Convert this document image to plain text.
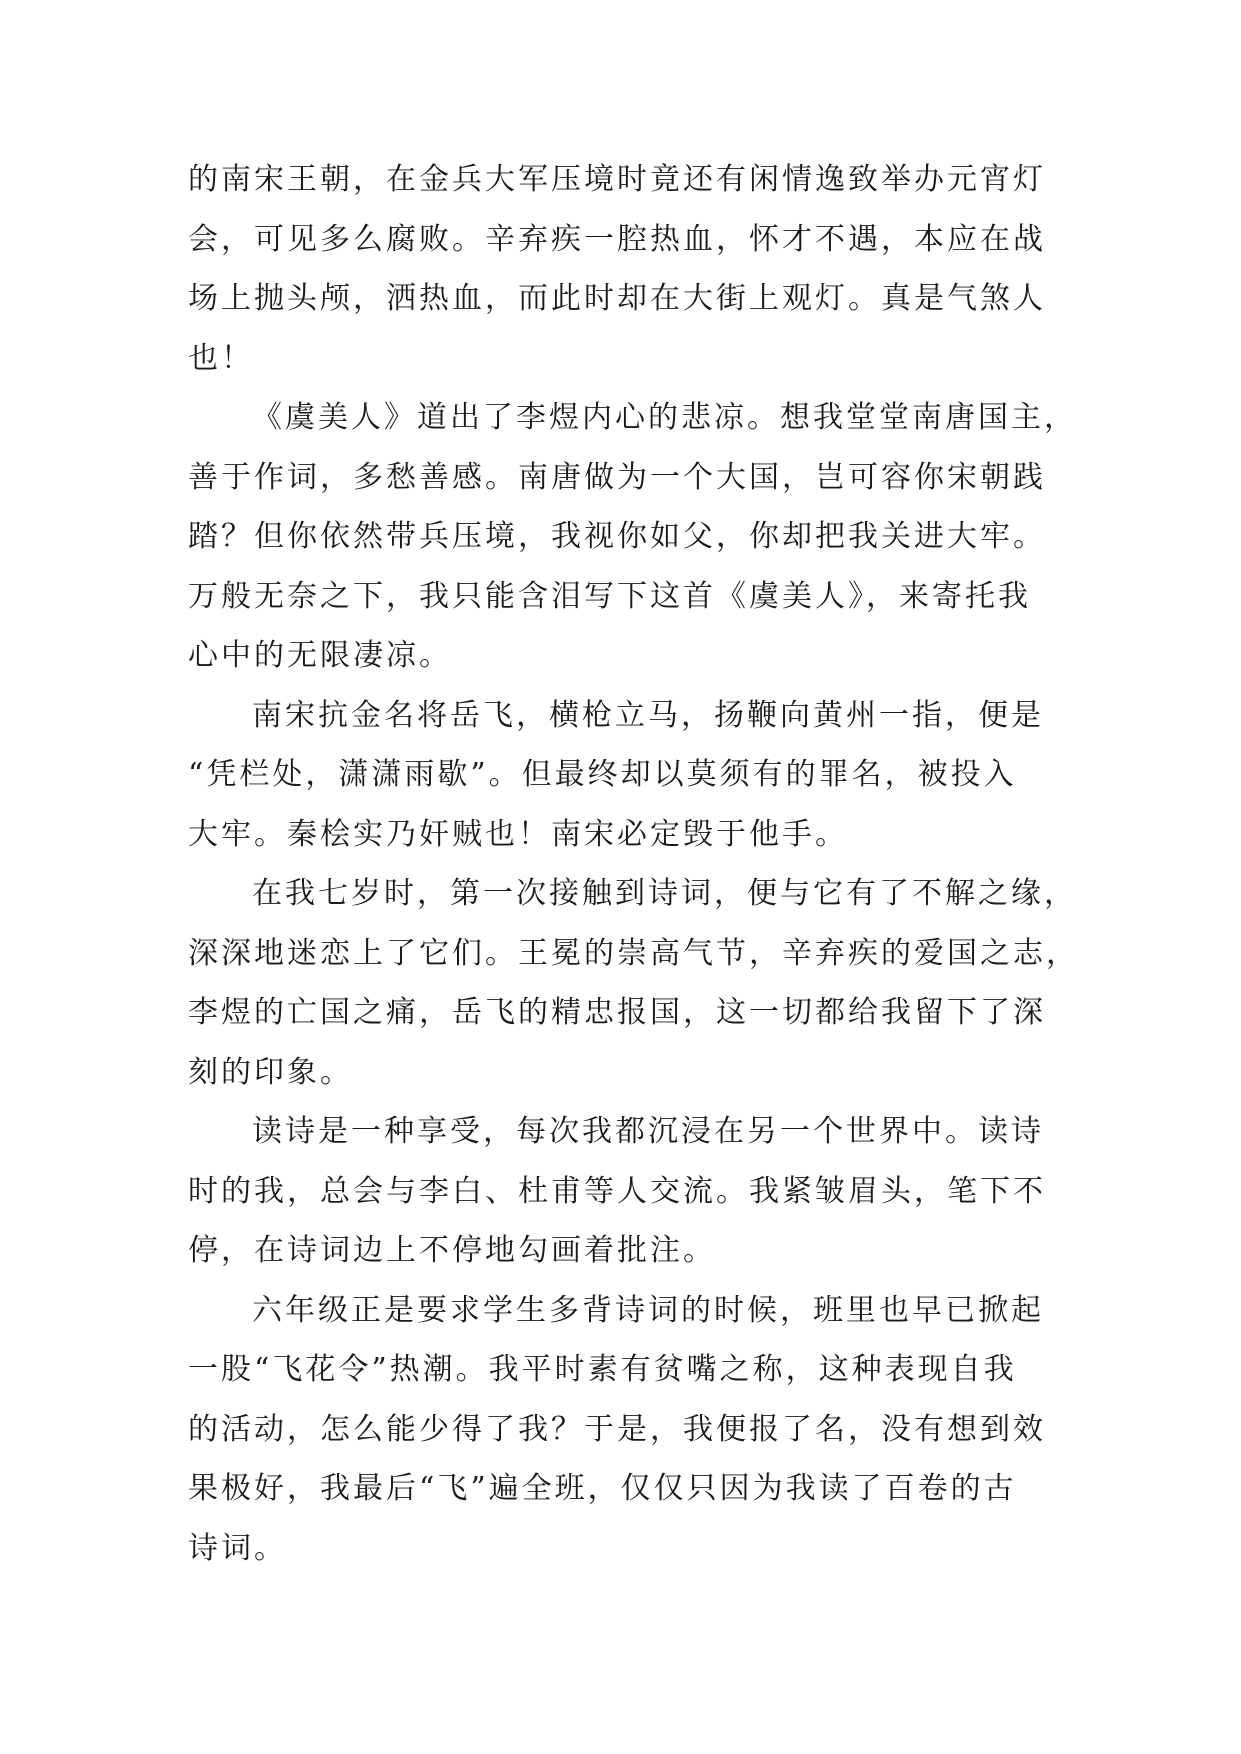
的南宋王朝，在金兵大军压境时竟还有闲情逸致举办元宵灯
会，可见多么腐败。辛弃疾一腔热血，怀才不遇，本应在战
场上抛头颅，洒热血，而此时却在大街上观灯。真是气煞人
也！
《虞美人》道出了李煜内心的悲凉。想我堂堂南唐国主，
善于作词，多愁善感。南唐做为一个大国，岂可容你宋朝践
踏？但你依然带兵压境，我视你如父，你却把我关进大牢。
万般无奈之下，我只能含泪写下这首《虞美人》，来寄托我
心中的无限凄凉。
南宋抗金名将岳飞，横枪立马，扬鞭向黄州一指，便是
“凭栏处，潇潇雨歇”。但最终却以莫须有的罪名，被投入
大牢。秦桧实乃奸贼也！南宋必定毁于他手。
在我七岁时，第一次接触到诗词，便与它有了不解之缘，
深深地迷恋上了它们。王冕的崇高气节，辛弃疾的爱国之志，
李煜的亡国之痛，岳飞的精忠报国，这一切都给我留下了深
刻的印象。
读诗是一种享受，每次我都沉浸在另一个世界中。读诗
时的我，总会与李白、杜甫等人交流。我紧皱眉头，笔下不
停，在诗词边上不停地勾画着批注。
六年级正是要求学生多背诗词的时候，班里也早已掀起
一股“飞花令”热潮。我平时素有贫嘴之称，这种表现自我
的活动，怎么能少得了我？于是，我便报了名，没有想到效
果极好，我最后“飞”遍全班，仅仅只因为我读了百卷的古
诗词。
